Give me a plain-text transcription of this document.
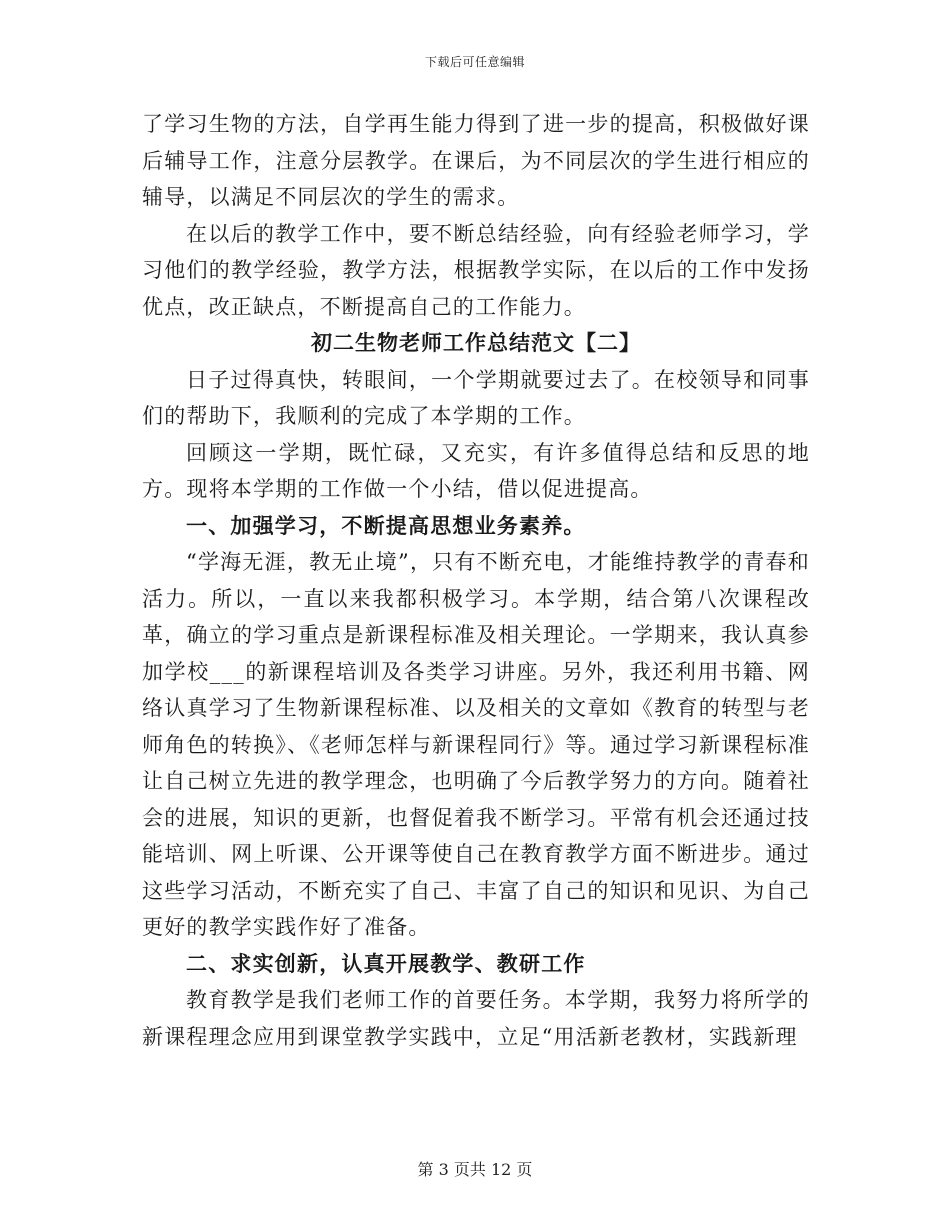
下载后可任意编辑

了学习生物的方法，自学再生能力得到了进一步的提高，积极做好课后辅导工作，注意分层教学。在课后，为不同层次的学生进行相应的辅导，以满足不同层次的学生的需求。

在以后的教学工作中，要不断总结经验，向有经验老师学习，学习他们的教学经验，教学方法，根据教学实际，在以后的工作中发扬优点，改正缺点，不断提高自己的工作能力。

初二生物老师工作总结范文【二】

日子过得真快，转眼间，一个学期就要过去了。在校领导和同事们的帮助下，我顺利的完成了本学期的工作。

回顾这一学期，既忙碌，又充实，有许多值得总结和反思的地方。现将本学期的工作做一个小结，借以促进提高。

一、加强学习，不断提高思想业务素养。

“学海无涯，教无止境”，只有不断充电，才能维持教学的青春和活力。所以，一直以来我都积极学习。本学期，结合第八次课程改革，确立的学习重点是新课程标准及相关理论。一学期来，我认真参加学校___的新课程培训及各类学习讲座。另外，我还利用书籍、网络认真学习了生物新课程标准、以及相关的文章如《教育的转型与老师角色的转换》、《老师怎样与新课程同行》等。通过学习新课程标准让自己树立先进的教学理念，也明确了今后教学努力的方向。随着社会的进展，知识的更新，也督促着我不断学习。平常有机会还通过技能培训、网上听课、公开课等使自己在教育教学方面不断进步。通过这些学习活动，不断充实了自己、丰富了自己的知识和见识、为自己更好的教学实践作好了准备。

二、求实创新，认真开展教学、教研工作

教育教学是我们老师工作的首要任务。本学期，我努力将所学的新课程理念应用到课堂教学实践中，立足“用活新老教材，实践新理

第 3 页共 12 页
